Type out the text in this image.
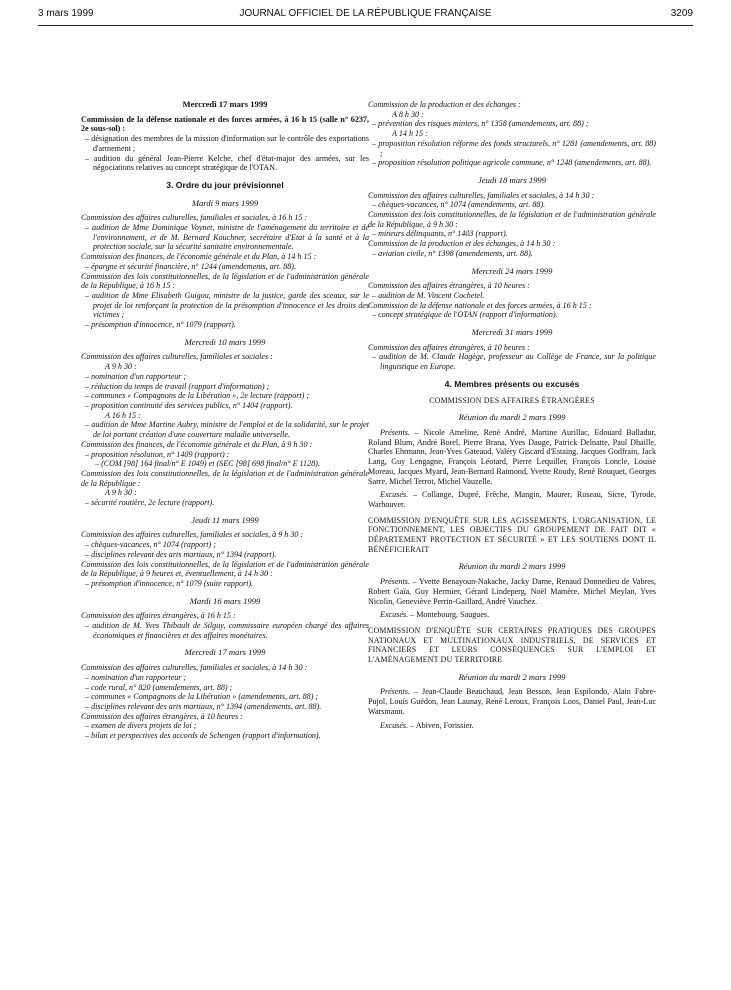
3 mars 1999	JOURNAL OFFICIEL DE LA RÉPUBLIQUE FRANÇAISE	3209

Mercredi 17 mars 1999

Commission de la défense nationale et des forces armées, à 16 h 15 (salle n° 6237, 2e sous-sol) :

– désignation des membres de la mission d'information sur le contrôle des exportations d'armement ;

– audition du général Jean-Pierre Kelche, chef d'état-major des armées, sur les négociations relatives au concept stratégique de l'OTAN.

3. Ordre du jour prévisionnel

Mardi 9 mars 1999

Commission des affaires culturelles, familiales et sociales, à 16 h 15 :

– audition de Mme Dominique Voynet, ministre de l'aménagement du territoire et de l'environnement, et de M. Bernard Kouchner, secrétaire d'Etat à la santé et à la protection sociale, sur la sécurité sanitaire environnementale.

Commission des finances, de l'économie générale et du Plan, à 14 h 15 :

– épargne et sécurité financière, n° 1244 (amendements, art. 88).

Commission des lois constitutionnelles, de la législation et de l'administration générale de la République, à 16 h 15 :

– audition de Mme Elisabeth Guigou, ministre de la justice, garde des sceaux, sur le projet de loi renforçant la protection de la présomption d'innocence et les droits des victimes ;

– présomption d'innocence, n° 1079 (rapport).

Mercredi 10 mars 1999

Commission des affaires culturelles, familiales et sociales :

A 9 h 30 :

– nomination d'un rapporteur ;

– réduction du temps de travail (rapport d'information) ;

– communes « Compagnons de la Libération », 2e lecture (rapport) ;

– proposition continuité des services publics, n° 1404 (rapport).

A 16 h 15 :

– audition de Mme Martine Aubry, ministre de l'emploi et de la solidarité, sur le projet de loi portant création d'une couverture maladie universelle.

Commission des finances, de l'économie générale et du Plan, à 9 h 30 :

– proposition résolution, n° 1409 (rapport) :

– (COM [98] 164 final/n° E 1049) et (SEC [98] 698 final/n° E 1128).

Commission des lois constitutionnelles, de la législation et de l'administration générale de la République :

A 9 h 30 :

– sécurité routière, 2e lecture (rapport).

Jeudi 11 mars 1999

Commission des affaires culturelles, familiales et sociales, à 9 h 30 :

– chèques-vacances, n° 1074 (rapport) ;

– disciplines relevant des arts martiaux, n° 1394 (rapport).

Commission des lois constitutionnelles, de la législation et de l'administration générale de la République, à 9 heures et, éventuellement, à 14 h 30 :

– présomption d'innocence, n° 1079 (suite rapport).

Mardi 16 mars 1999

Commission des affaires étrangères, à 16 h 15 :

– audition de M. Yves Thibault de Silguy, commissaire européen chargé des affaires économiques et financières et des affaires monétaires.

Mercredi 17 mars 1999

Commission des affaires culturelles, familiales et sociales, à 14 h 30 :

– nomination d'un rapporteur ;

– code rural, n° 820 (amendements, art. 88) ;

– communes « Compagnons de la Libération » (amendements, art. 88) ;

– disciplines relevant des arts martiaux, n° 1394 (amendements, art. 88).

Commission des affaires étrangères, à 10 heures :

– examen de divers projets de loi ;

– bilan et perspectives des accords de Schengen (rapport d'information).

Commission de la production et des échanges :

A 8 h 30 :

– prévention des risques miniers, n° 1358 (amendements, art. 88) ;

A 14 h 15 :

– proposition résolution réforme des fonds structurels, n° 1281 (amendements, art. 88) ;

– proposition résolution politique agricole commune, n° 1248 (amendements, art. 88).

Jeudi 18 mars 1999

Commission des affaires culturelles, familiales et sociales, à 14 h 30 :

– chèques-vacances, n° 1074 (amendements, art. 88).

Commission des lois constitutionnelles, de la législation et de l'administration générale de la République, à 9 h 30 :

– mineurs délinquants, n° 1403 (rapport).

Commission de la production et des échanges, à 14 h 30 :

– aviation civile, n° 1398 (amendements, art. 88).

Mercredi 24 mars 1999

Commission des affaires étrangères, à 10 heures :

– audition de M. Vincent Cochetel.

Commission de la défense nationale et des forces armées, à 16 h 15 :

– concept stratégique de l'OTAN (rapport d'information).

Mercredi 31 mars 1999

Commission des affaires étrangères, à 10 heures :

– audition de M. Claude Hagège, professeur au Collège de France, sur la politique linguistique en Europe.

4. Membres présents ou excusés

COMMISSION DES AFFAIRES ÉTRANGÈRES

Réunion du mardi 2 mars 1999

Présents. – Nicole Ameline, René André, Martine Aurillac, Edouard Balladur, Roland Blum, André Borel, Pierre Brana, Yves Dauge, Patrick Delnatte, Paul Dhaille, Charles Ehrmann, Jean-Yves Gateaud, Valéry Giscard d'Estaing, Jacques Godfrain, Jack Lang, Guy Lengagne, François Léotard, Pierre Lequiller, François Loncle, Louise Moreau, Jacques Myard, Jean-Bernard Raimond, Yvette Roudy, René Rouquet, Georges Sarre, Michel Terrot, Michel Vauzelle.

Excusés. – Collange, Dupré, Frêche, Mangin, Maurer, Roseau, Sicre, Tyrode, Warhouver.

COMMISSION D'ENQUÊTE SUR LES AGISSEMENTS, L'ORGANISATION, LE FONCTIONNEMENT, LES OBJECTIFS DU GROUPEMENT DE FAIT DIT « DÉPARTEMENT PROTECTION ET SÉCURITÉ » ET LES SOUTIENS DONT IL BÉNÉFICIERAIT

Réunion du mardi 2 mars 1999

Présents. – Yvette Benayoun-Nakache, Jacky Darne, Renaud Donnedieu de Vabres, Robert Gaïa, Guy Hermier, Gérard Lindeperg, Noël Mamère, Michel Meylan, Yves Nicolin, Geneviève Perrin-Gaillard, André Vauchez.

Excusés. – Montebourg, Saugues.

COMMISSION D'ENQUÊTE SUR CERTAINES PRATIQUES DES GROUPES NATIONAUX ET MULTINATIONAUX INDUSTRIELS, DE SERVICES ET FINANCIERS ET LEURS CONSÉQUENCES SUR L'EMPLOI ET L'AMÉNAGEMENT DU TERRITOIRE

Réunion du mardi 2 mars 1999

Présents. – Jean-Claude Beauchaud, Jean Besson, Jean Espilondo, Alain Fabre-Pujol, Louis Guédon, Jean Launay, René Leroux, François Loos, Daniel Paul, Jean-Luc Warsmann.

Excusés. – Abiven, Forissier.
